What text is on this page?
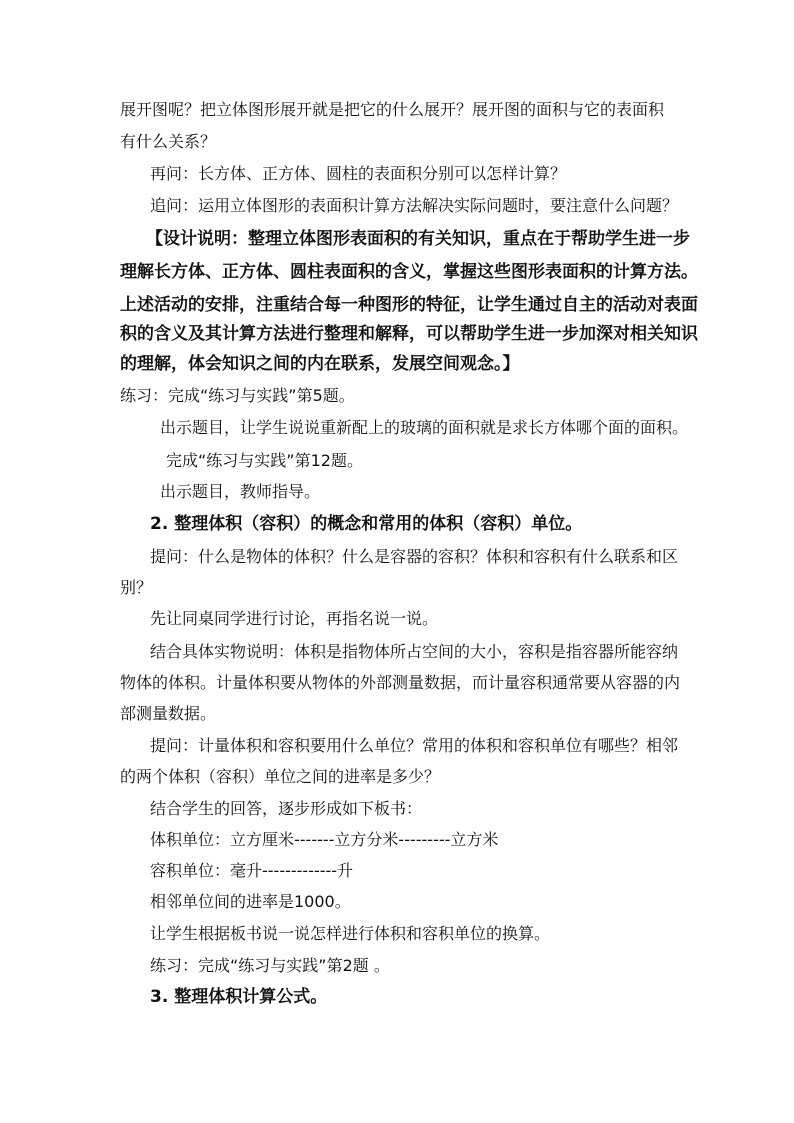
展开图呢？把立体图形展开就是把它的什么展开？展开图的面积与它的表面积
有什么关系？
再问：长方体、正方体、圆柱的表面积分别可以怎样计算？
追问：运用立体图形的表面积计算方法解决实际问题时，要注意什么问题？
【设计说明：整理立体图形表面积的有关知识，重点在于帮助学生进一步
理解长方体、正方体、圆柱表面积的含义，掌握这些图形表面积的计算方法。
上述活动的安排，注重结合每一种图形的特征，让学生通过自主的活动对表面
积的含义及其计算方法进行整理和解释，可以帮助学生进一步加深对相关知识
的理解，体会知识之间的内在联系，发展空间观念。】
练习：完成“练习与实践”第5题。
出示题目，让学生说说重新配上的玻璃的面积就是求长方体哪个面的面积。
完成“练习与实践”第12题。
出示题目，教师指导。
2. 整理体积（容积）的概念和常用的体积（容积）单位。
提问：什么是物体的体积？什么是容器的容积？体积和容积有什么联系和区
别？
先让同桌同学进行讨论，再指名说一说。
结合具体实物说明：体积是指物体所占空间的大小，容积是指容器所能容纳
物体的体积。计量体积要从物体的外部测量数据，而计量容积通常要从容器的内
部测量数据。
提问：计量体积和容积要用什么单位？常用的体积和容积单位有哪些？相邻
的两个体积（容积）单位之间的进率是多少？
结合学生的回答，逐步形成如下板书：
体积单位：立方厘米-------立方分米---------立方米
容积单位：毫升-------------升
相邻单位间的进率是1000。
让学生根据板书说一说怎样进行体积和容积单位的换算。
练习：完成“练习与实践”第2题 。
3. 整理体积计算公式。
